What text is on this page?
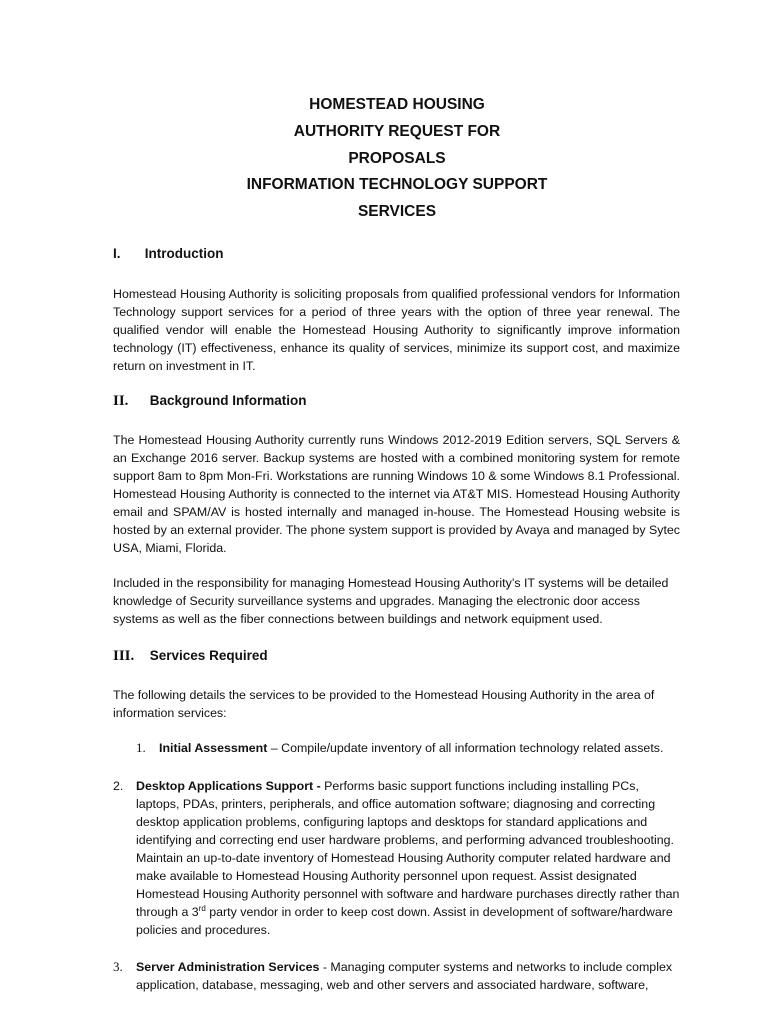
HOMESTEAD HOUSING
AUTHORITY REQUEST FOR
PROPOSALS
INFORMATION TECHNOLOGY SUPPORT
SERVICES
I. Introduction

Homestead Housing Authority is soliciting proposals from qualified professional vendors for Information Technology support services for a period of three years with the option of three year renewal. The qualified vendor will enable the Homestead Housing Authority to significantly improve information technology (IT) effectiveness, enhance its quality of services, minimize its support cost, and maximize return on investment in IT.

II. Background Information

The Homestead Housing Authority currently runs Windows 2012-2019 Edition servers, SQL Servers & an Exchange 2016 server. Backup systems are hosted with a combined monitoring system for remote support 8am to 8pm Mon-Fri. Workstations are running Windows 10 & some Windows 8.1 Professional. Homestead Housing Authority is connected to the internet via AT&T MIS. Homestead Housing Authority email and SPAM/AV is hosted internally and managed in-house. The Homestead Housing website is hosted by an external provider. The phone system support is provided by Avaya and managed by Sytec USA, Miami, Florida.

Included in the responsibility for managing Homestead Housing Authority’s IT systems will be detailed knowledge of Security surveillance systems and upgrades. Managing the electronic door access systems as well as the fiber connections between buildings and network equipment used.

III. Services Required

The following details the services to be provided to the Homestead Housing Authority in the area of information services:

1. Initial Assessment – Compile/update inventory of all information technology related assets.
2. Desktop Applications Support - Performs basic support functions including installing PCs, laptops, PDAs, printers, peripherals, and office automation software; diagnosing and correcting desktop application problems, configuring laptops and desktops for standard applications and identifying and correcting end user hardware problems, and performing advanced troubleshooting. Maintain an up-to-date inventory of Homestead Housing Authority computer related hardware and make available to Homestead Housing Authority personnel upon request. Assist designated Homestead Housing Authority personnel with software and hardware purchases directly rather than through a 3rd party vendor in order to keep cost down. Assist in development of software/hardware policies and procedures.
3. Server Administration Services - Managing computer systems and networks to include complex application, database, messaging, web and other servers and associated hardware, software,
